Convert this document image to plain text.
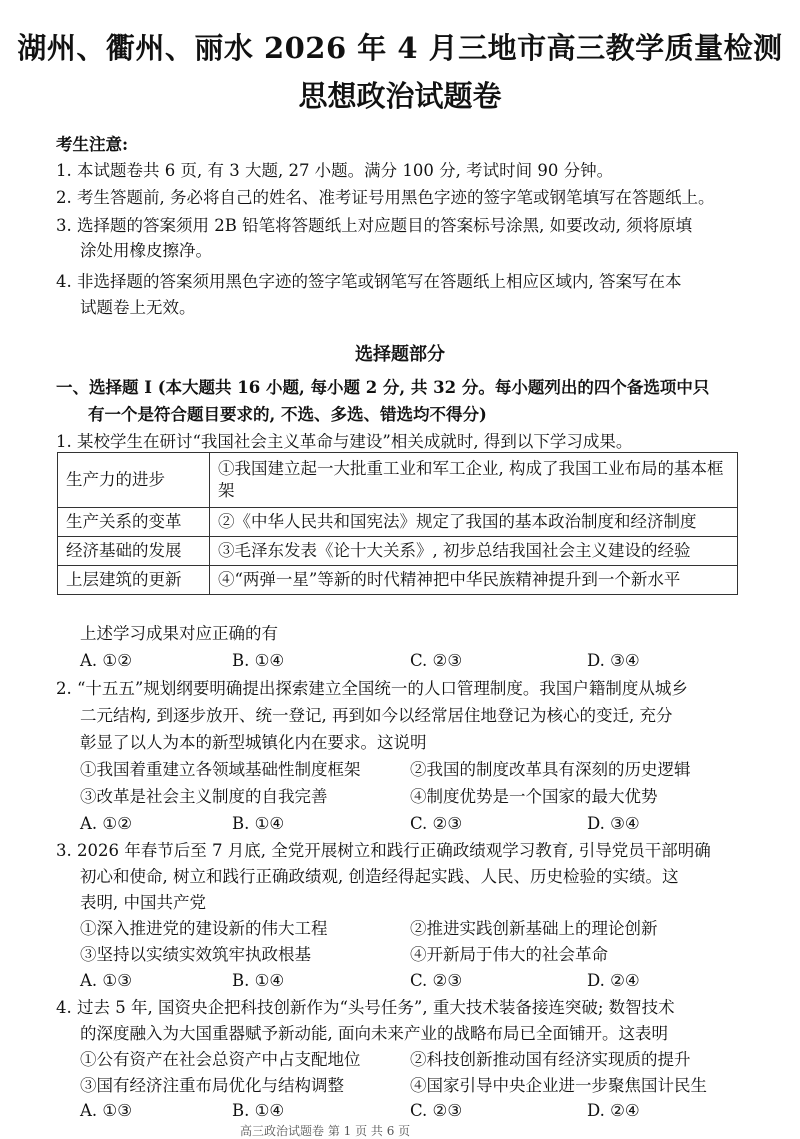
湖州、衢州、丽水 2026 年 4 月三地市高三教学质量检测
思想政治试题卷
考生注意:
1. 本试题卷共 6 页, 有 3 大题, 27 小题。满分 100 分, 考试时间 90 分钟。
2. 考生答题前, 务必将自己的姓名、准考证号用黑色字迹的签字笔或钢笔填写在答题纸上。
3. 选择题的答案须用 2B 铅笔将答题纸上对应题目的答案标号涂黑, 如要改动, 须将原填
涂处用橡皮擦净。
4. 非选择题的答案须用黑色字迹的签字笔或钢笔写在答题纸上相应区域内, 答案写在本
试题卷上无效。
选择题部分
一、选择题 I (本大题共 16 小题, 每小题 2 分, 共 32 分。每小题列出的四个备选项中只
有一个是符合题目要求的, 不选、多选、错选均不得分)
1. 某校学生在研讨“我国社会主义革命与建设”相关成就时, 得到以下学习成果。
生产力的进步	①我国建立起一大批重工业和军工企业, 构成了我国工业布局的基本框架
生产关系的变革	②《中华人民共和国宪法》规定了我国的基本政治制度和经济制度
经济基础的发展	③毛泽东发表《论十大关系》, 初步总结我国社会主义建设的经验
上层建筑的更新	④“两弹一星”等新的时代精神把中华民族精神提升到一个新水平
上述学习成果对应正确的有
A. ①②	B. ①④	C. ②③	D. ③④
2. “十五五”规划纲要明确提出探索建立全国统一的人口管理制度。我国户籍制度从城乡
二元结构, 到逐步放开、统一登记, 再到如今以经常居住地登记为核心的变迁, 充分
彰显了以人为本的新型城镇化内在要求。这说明
①我国着重建立各领域基础性制度框架	②我国的制度改革具有深刻的历史逻辑
③改革是社会主义制度的自我完善	④制度优势是一个国家的最大优势
A. ①②	B. ①④	C. ②③	D. ③④
3. 2026 年春节后至 7 月底, 全党开展树立和践行正确政绩观学习教育, 引导党员干部明确
初心和使命, 树立和践行正确政绩观, 创造经得起实践、人民、历史检验的实绩。这
表明, 中国共产党
①深入推进党的建设新的伟大工程	②推进实践创新基础上的理论创新
③坚持以实绩实效筑牢执政根基	④开新局于伟大的社会革命
A. ①③	B. ①④	C. ②③	D. ②④
4. 过去 5 年, 国资央企把科技创新作为“头号任务”, 重大技术装备接连突破; 数智技术
的深度融入为大国重器赋予新动能, 面向未来产业的战略布局已全面铺开。这表明
①公有资产在社会总资产中占支配地位	②科技创新推动国有经济实现质的提升
③国有经济注重布局优化与结构调整	④国家引导中央企业进一步聚焦国计民生
A. ①③	B. ①④	C. ②③	D. ②④
高三政治试题卷 第 1 页 共 6 页
